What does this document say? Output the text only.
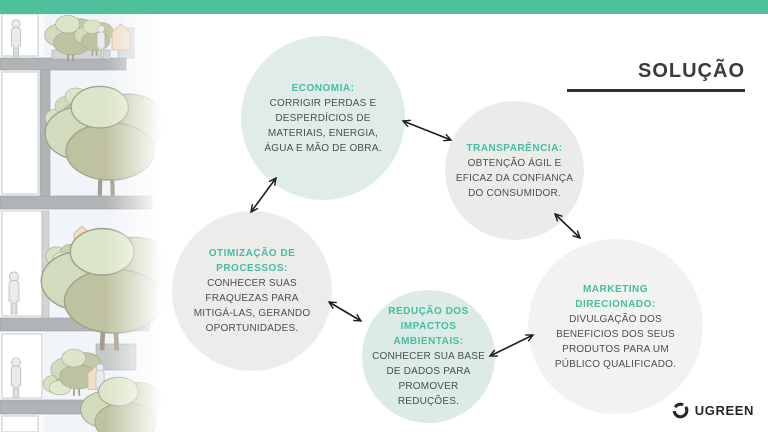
SOLUÇÃO
ECONOMIA:
CORRIGIR PERDAS E DESPERDÍCIOS DE MATERIAIS, ENERGIA, ÁGUA E MÃO DE OBRA.	TRANSPARÊNCIA:
OBTENÇÃO ÁGIL E EFICAZ DA CONFIANÇA DO CONSUMIDOR.
OTIMIZAÇÃO DE PROCESSOS:
CONHECER SUAS FRAQUEZAS PARA MITIGÁ-LAS, GERANDO OPORTUNIDADES.
REDUÇÃO DOS IMPACTOS AMBIENTAIS:
CONHECER SUA BASE DE DADOS PARA PROMOVER REDUÇÕES.
MARKETING DIRECIONADO:
DIVULGAÇÃO DOS BENEFICIOS DOS SEUS PRODUTOS PARA UM PÚBLICO QUALIFICADO.
UGREEN
